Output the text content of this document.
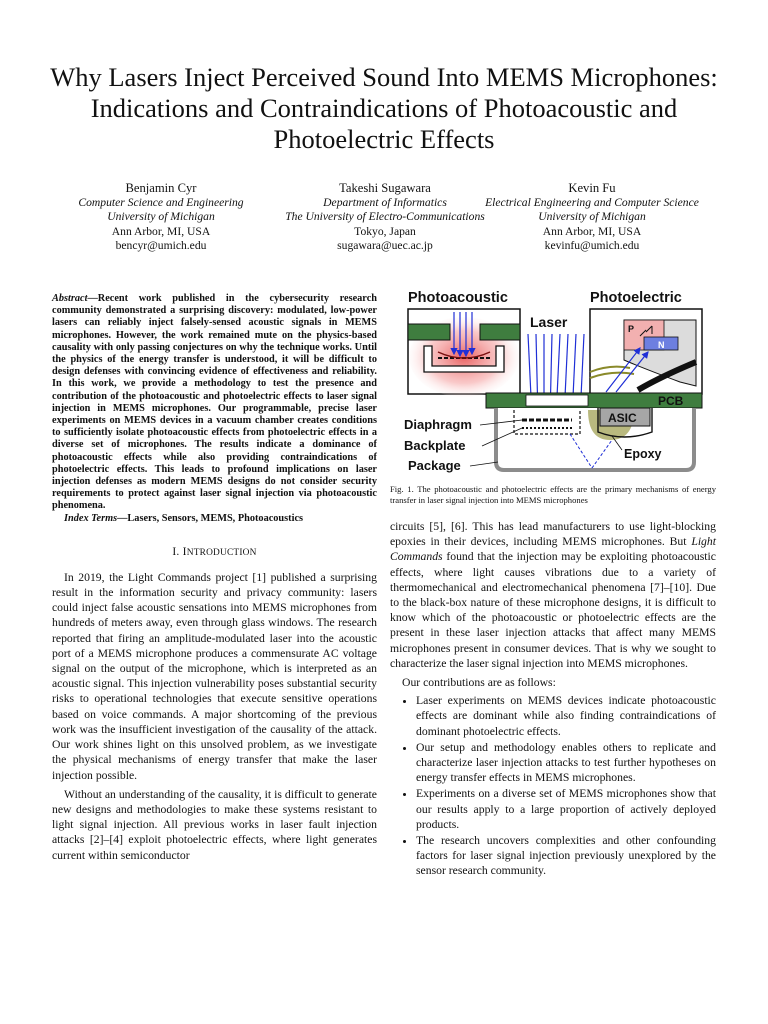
Why Lasers Inject Perceived Sound Into MEMS Microphones: Indications and Contraindications of Photoacoustic and Photoelectric Effects
Benjamin Cyr
Computer Science and Engineering
University of Michigan
Ann Arbor, MI, USA
bencyr@umich.edu
Takeshi Sugawara
Department of Informatics
The University of Electro-Communications
Tokyo, Japan
sugawara@uec.ac.jp
Kevin Fu
Electrical Engineering and Computer Science
University of Michigan
Ann Arbor, MI, USA
kevinfu@umich.edu

Abstract—Recent work published in the cybersecurity research community demonstrated a surprising discovery: modulated, low-power lasers can reliably inject falsely-sensed acoustic signals in MEMS microphones. However, the work remained mute on the physics-based causality with only passing conjectures on why the technique works. Until the physics of the energy transfer is understood, it will be difficult to design defenses with convincing evidence of effectiveness and reliability. In this work, we provide a methodology to test the presence and contribution of the photoacoustic and photoelectric effects to laser signal injection in MEMS microphones. Our programmable, precise laser experiments on MEMS devices in a vacuum chamber creates conditions to sufficiently isolate photoacoustic effects from photoelectric effects in a diverse set of microphones. The results indicate a dominance of photoacoustic effects while also providing contraindications of photoelectric effects. This leads to profound implications on laser injection defenses as modern MEMS designs do not consider security requirements to protect against laser signal injection via photoacoustic phenomena.

Index Terms—Lasers, Sensors, MEMS, Photoacoustics

I. INTRODUCTION

In 2019, the Light Commands project [1] published a surprising result in the information security and privacy community: lasers could inject false acoustic sensations into MEMS microphones from hundreds of meters away, even through glass windows. The research reported that firing an amplitude-modulated laser into the acoustic port of a MEMS microphone produces a commensurate AC voltage signal on the output of the microphone, which is interpreted as an acoustic signal. This injection vulnerability poses substantial security risks to operational technologies that execute sensitive operations based on voice commands. A major shortcoming of the previous work was the insufficient investigation of the causality of the attack. Our work shines light on this unsolved problem, as we investigate the physical mechanisms of energy transfer that make the laser injection possible.

Without an understanding of the causality, it is difficult to generate new designs and methodologies to make these systems resistant to light signal injection. All previous works in laser fault injection attacks [2]–[4] exploit photoelectric effects, where light generates current within semiconductor

Photoacoustic	Photoelectric
P
N
Laser
PCB
ASIC
Epoxy
Diaphragm
Backplate
Package
Fig. 1. The photoacoustic and photoelectric effects are the primary mechanisms of energy transfer in laser signal injection into MEMS microphones

circuits [5], [6]. This has lead manufacturers to use light-blocking epoxies in their devices, including MEMS microphones. But Light Commands found that the injection may be exploiting photoacoustic effects, where light causes vibrations due to a variety of thermomechanical and electromechanical phenomena [7]–[10]. Due to the black-box nature of these microphone designs, it is difficult to know which of the photoacoustic or photoelectric effects are the present in these laser injection attacks that affect many MEMS microphones present in consumer devices. That is why we sought to characterize the laser signal injection into MEMS microphones.

Our contributions are as follows:

• Laser experiments on MEMS devices indicate photoacoustic effects are dominant while also finding contraindications of dominant photoelectric effects.
• Our setup and methodology enables others to replicate and characterize laser injection attacks to test further hypotheses on energy transfer effects in MEMS microphones.
• Experiments on a diverse set of MEMS microphones show that our results apply to a large proportion of actively deployed products.
• The research uncovers complexities and other confounding factors for laser signal injection previously unexplored by the sensor research community.
